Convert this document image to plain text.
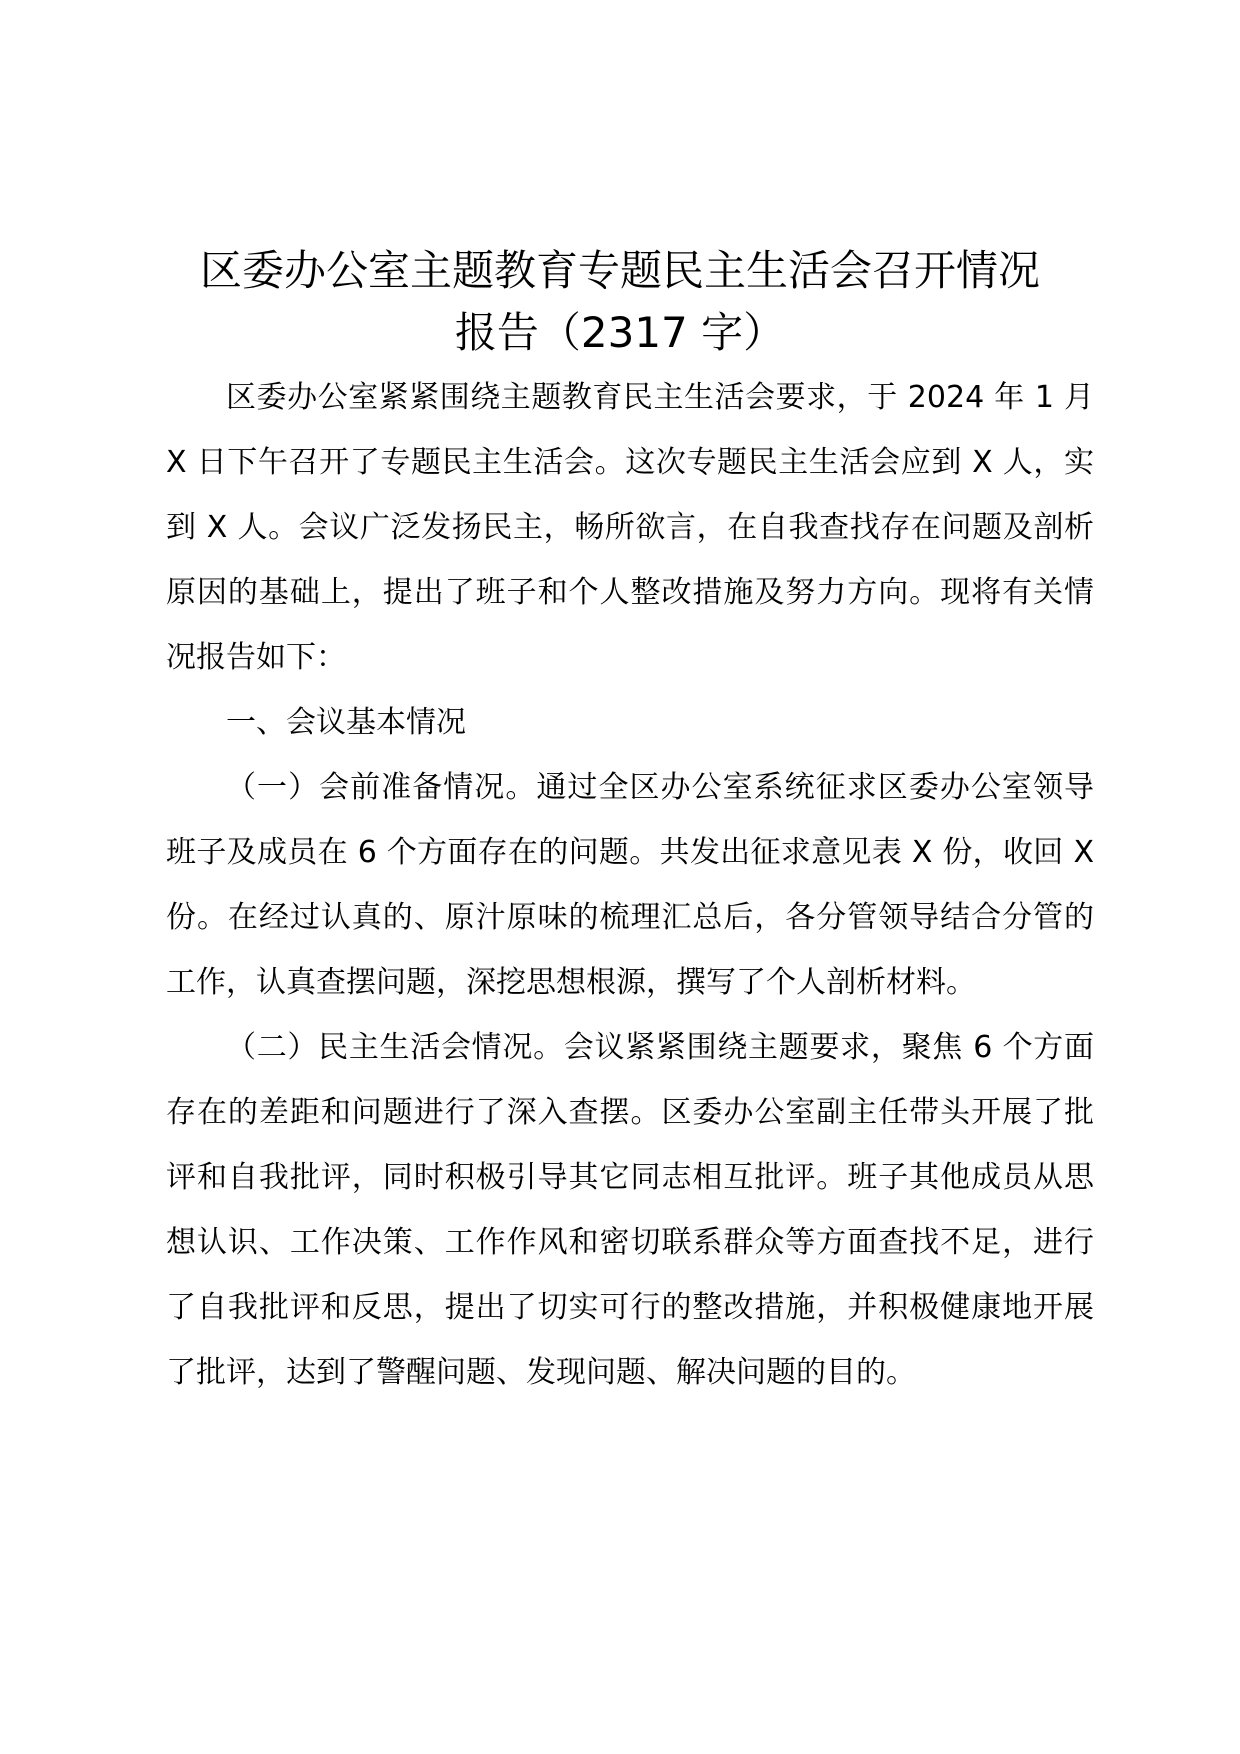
区委办公室主题教育专题民主生活会召开情况
报告（2317 字）

区委办公室紧紧围绕主题教育民主生活会要求，于 2024 年 1 月 X 日下午召开了专题民主生活会。这次专题民主生活会应到 X 人，实到 X 人。会议广泛发扬民主，畅所欲言，在自我查找存在问题及剖析原因的基础上，提出了班子和个人整改措施及努力方向。现将有关情况报告如下：

一、会议基本情况

（一）会前准备情况。通过全区办公室系统征求区委办公室领导班子及成员在 6 个方面存在的问题。共发出征求意见表 X 份，收回 X 份。在经过认真的、原汁原味的梳理汇总后，各分管领导结合分管的工作，认真查摆问题，深挖思想根源，撰写了个人剖析材料。

（二）民主生活会情况。会议紧紧围绕主题要求，聚焦 6 个方面存在的差距和问题进行了深入查摆。区委办公室副主任带头开展了批评和自我批评，同时积极引导其它同志相互批评。班子其他成员从思想认识、工作决策、工作作风和密切联系群众等方面查找不足，进行了自我批评和反思，提出了切实可行的整改措施，并积极健康地开展了批评，达到了警醒问题、发现问题、解决问题的目的。
